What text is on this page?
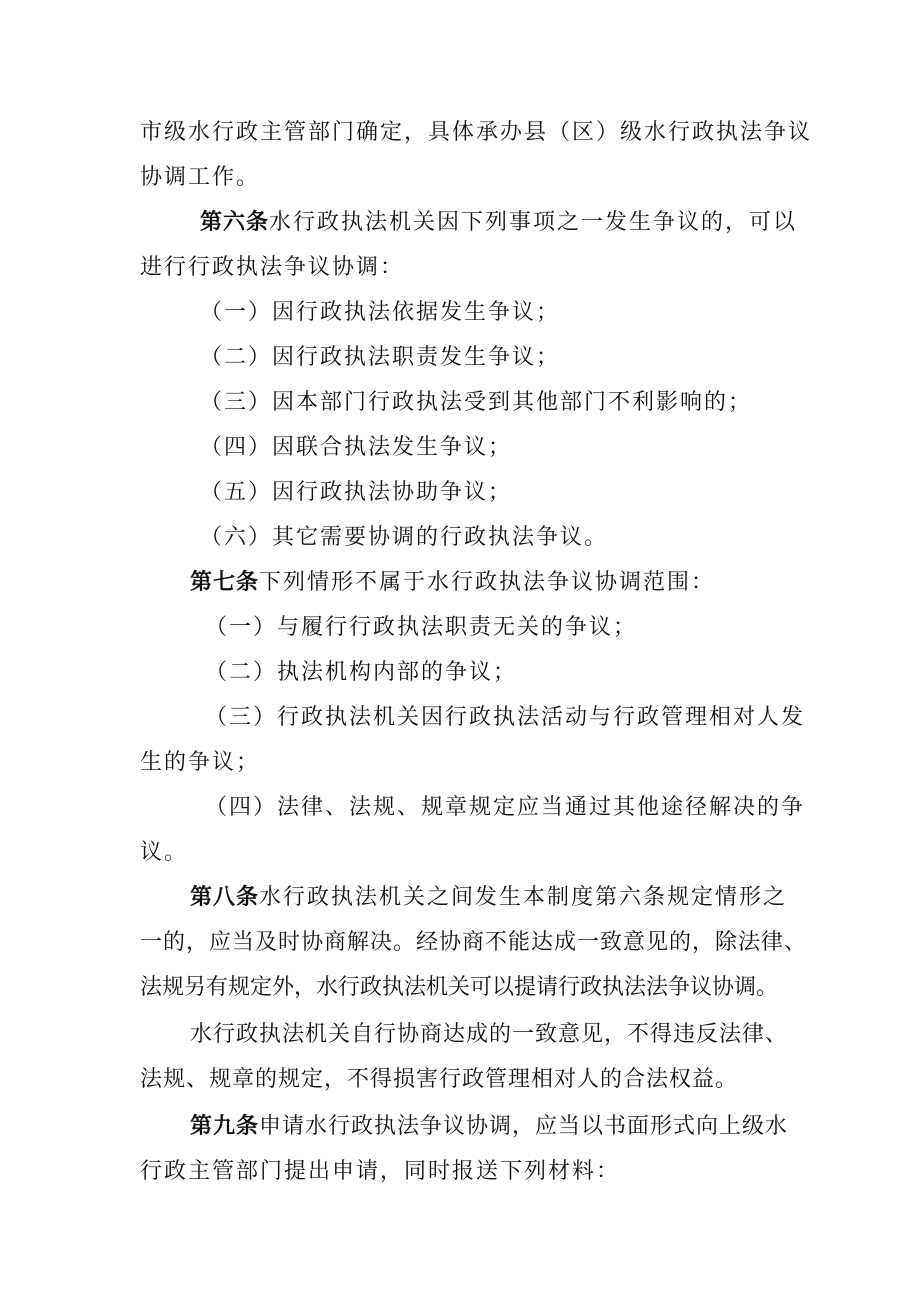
市级水行政主管部门确定，具体承办县（区）级水行政执法争议
协调工作。
第六条水行政执法机关因下列事项之一发生争议的，可以
进行行政执法争议协调：
（一）因行政执法依据发生争议；
（二）因行政执法职责发生争议；
（三）因本部门行政执法受到其他部门不利影响的；
（四）因联合执法发生争议；
（五）因行政执法协助争议；
（六）其它需要协调的行政执法争议。
第七条下列情形不属于水行政执法争议协调范围：
（一）与履行行政执法职责无关的争议；
（二）执法机构内部的争议；
（三）行政执法机关因行政执法活动与行政管理相对人发
生的争议；
（四）法律、法规、规章规定应当通过其他途径解决的争
议。
第八条水行政执法机关之间发生本制度第六条规定情形之
一的，应当及时协商解决。经协商不能达成一致意见的，除法律、
法规另有规定外，水行政执法机关可以提请行政执法法争议协调。
水行政执法机关自行协商达成的一致意见，不得违反法律、
法规、规章的规定，不得损害行政管理相对人的合法权益。
第九条申请水行政执法争议协调，应当以书面形式向上级水
行政主管部门提出申请，同时报送下列材料：
